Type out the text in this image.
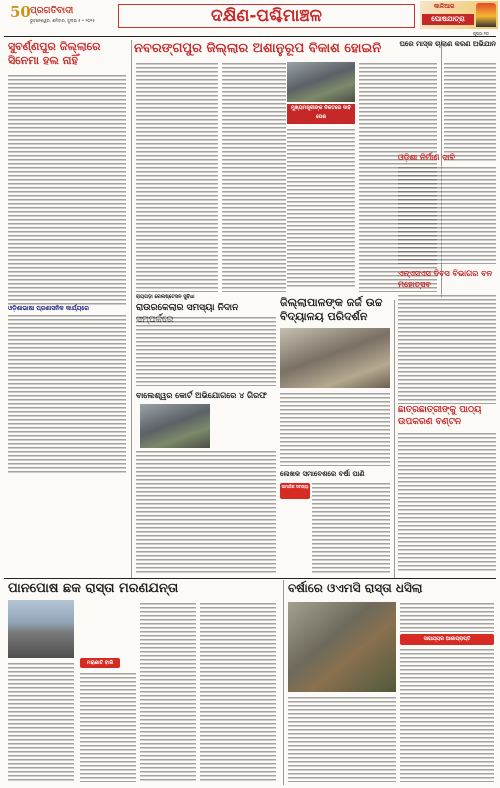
50 ପ୍ରଗତିବାଦୀ
ଭୁବନେଶ୍ୱର, ଶନିବାର, ଜୁଲାଇ ୫ • ୨୦୨୫	ଦକ୍ଷିଣ-ପଶ୍ଚିମାଞ୍ଚଳ	କାଳିଆର
ଘୋଷଯାତ୍ରା
ପୃଷ୍ଠା ୧୦
ସୁବର୍ଣ୍ଣପୁର ଜିଲ୍ଲାରେ ସିନେମା ହଲ ନାହିଁ
ଓଡ଼ିଶାଭାଷା ପ୍ରଶାସନିକ କାର୍ଯ୍ୟରେ
ନବରଙ୍ଗପୁର ଜିଲ୍ଲାର ଅଶାନୁରୂପ ବିକାଶ ହୋଇନି
ମୁଖ୍ୟମନ୍ତ୍ରୀଙ୍କ ନିକଟରେ ଦାବି ପେଶ
ଘରେ ମାସ୍କ ଚାଲାଣ କରଣ ଅଭିଯାନ
ଓଡ଼ିଶା ନିର୍ମାଣ ଦାବି
ଏନ୍ଏସଏସ ଦିବସ ବିଭାଗର ବନ ମହୋତ୍ସବ
ଛାତ୍ରଛାତ୍ରୀଙ୍କୁ ପାଠ୍ୟ ଉପକରଣ ବଣ୍ଟନ
ରାୟଗଡ଼ା ରେଲଷ୍ଟେସନ ସୁବିଧା
ରାଉରକେଲାର ସମସ୍ୟା ନିଦାନ
ବାଲେଶ୍ୱର କୋର୍ଟ ଅଭିଯୋଗରେ ୪ ଗିରଫ
ଜିଲ୍ଲାପାଳଙ୍କ ଜର୍ଜ ଉଚ୍ଚ ବିଦ୍ୟାଳୟ ପରିଦର୍ଶନ
ଲେଖକ ସମାବେଶରେ ବର୍ଷା ପାଣି
ସାମାଜିକ ସମସ୍ୟା
ପାନପୋଷ ଛକ ରାସ୍ତା ମରଣଯନ୍ତା
ମରାଣାତି ବାରି
ବର୍ଷାରେ ଓଏମସି ରାସ୍ତା ଧସିଲା
ସାହାଯ୍ୟର ଆଶାପ୍ରାପ୍ତି
